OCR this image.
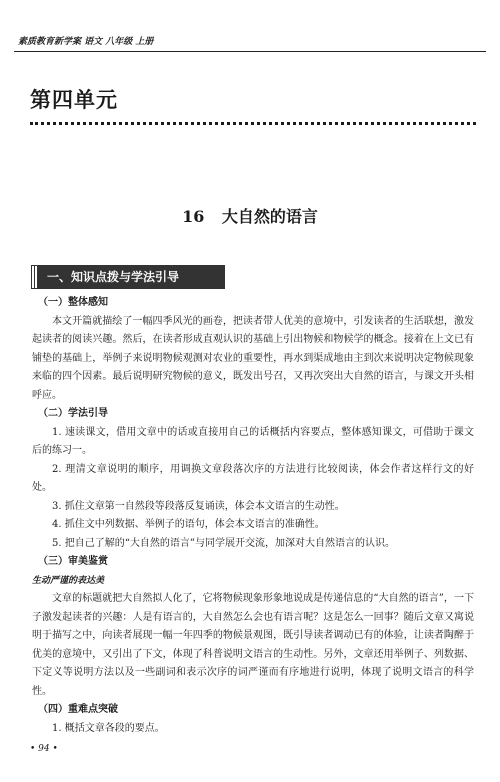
素质教育新学案 语文 八年级 上册
第四单元
16 大自然的语言
一、知识点拨与学法引导

（一）整体感知

本文开篇就描绘了一幅四季风光的画卷，把读者带人优美的意境中，引发读者的生活联想，激发起读者的阅读兴趣。然后，在读者形成直观认识的基础上引出物候和物候学的概念。接着在上文已有铺垫的基础上，举例子来说明物候观测对农业的重要性，再水到渠成地由主到次来说明决定物候现象来临的四个因素。最后说明研究物候的意义，既发出号召，又再次突出大自然的语言，与课文开头相呼应。

（二）学法引导

1. 速读课文，借用文章中的话或直接用自己的话概括内容要点，整体感知课文，可借助于课文后的练习一。

2. 理清文章说明的顺序，用调换文章段落次序的方法进行比较阅读，体会作者这样行文的好处。

3. 抓住文章第一自然段等段落反复诵读，体会本文语言的生动性。

4. 抓住文中列数据、举例子的语句，体会本文语言的准确性。

5. 把自己了解的“大自然的语言”与同学展开交流，加深对大自然语言的认识。

（三）审美鉴赏

生动严谨的表达美

文章的标题就把大自然拟人化了，它将物候现象形象地说成是传递信息的“大自然的语言”，一下子激发起读者的兴趣：人是有语言的，大自然怎么会也有语言呢？这是怎么一回事？随后文章又寓说明于描写之中，向读者展现一幅一年四季的物候景观图，既引导读者调动已有的体验，让读者陶醉于优美的意境中，又引出了下文，体现了科普说明文语言的生动性。另外，文章还用举例子、列数据、下定义等说明方法以及一些副词和表示次序的词严谨而有序地进行说明，体现了说明文语言的科学性。

（四）重难点突破

1. 概括文章各段的要点。

• 94 •
